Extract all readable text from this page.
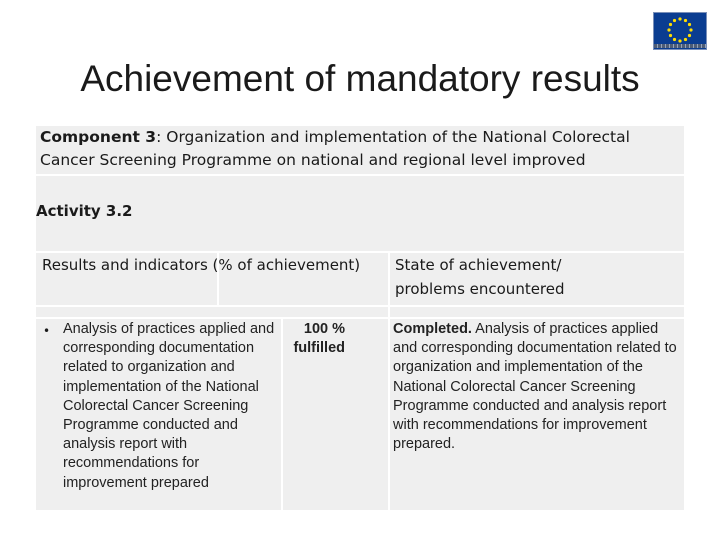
Achievement of mandatory results
Component 3: Organization and implementation of the National Colorectal Cancer Screening Programme on national and regional level improved
Activity 3.2
Results and indicators (% of achievement) State of achievement/ problems encountered
• Analysis of practices applied and corresponding documentation related to organization and implementation of the National Colorectal Cancer Screening Programme conducted and analysis report with recommendations for improvement prepared
100 % fulfilled
Completed. Analysis of practices applied and corresponding documentation related to organization and implementation of the National Colorectal Cancer Screening Programme conducted and analysis report with recommendations for improvement prepared.
